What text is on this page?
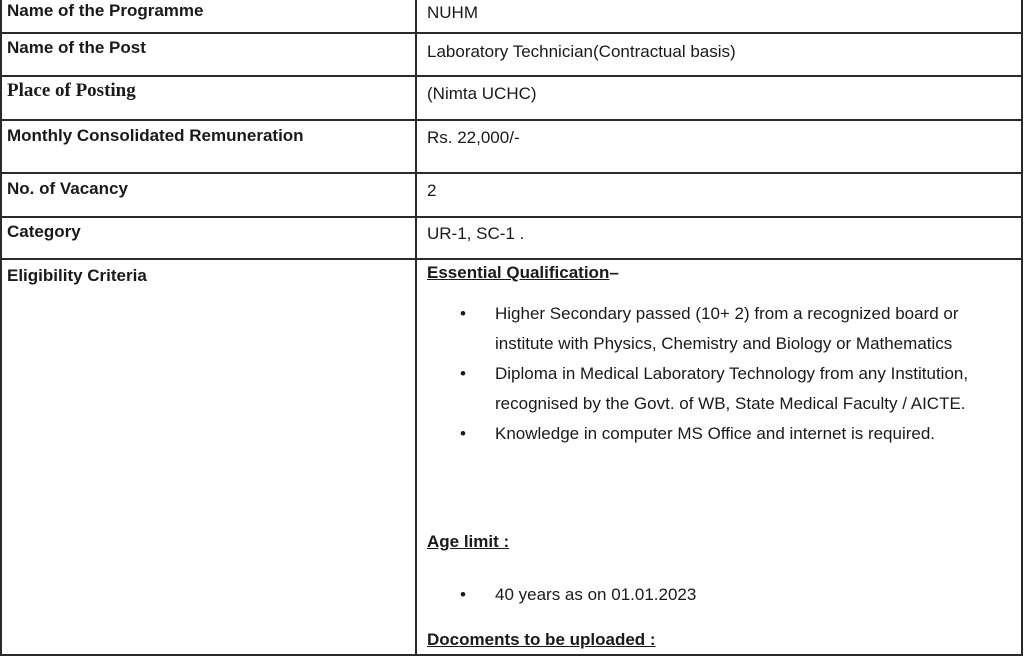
Name of the Programme	NUHM
Name of the Post	Laboratory Technician(Contractual basis)
Place of Posting	(Nimta UCHC)
Monthly Consolidated Remuneration	Rs. 22,000/-
No. of Vacancy	2
Category	UR-1, SC-1 .
Eligibility Criteria	Essential Qualification–
• Higher Secondary passed (10+ 2) from a recognized board or institute with Physics, Chemistry and Biology or Mathematics
• Diploma in Medical Laboratory Technology from any Institution, recognised by the Govt. of WB, State Medical Faculty / AICTE.
• Knowledge in computer MS Office and internet is required.
Age limit :
• 40 years as on 01.01.2023
Docoments to be uploaded :
